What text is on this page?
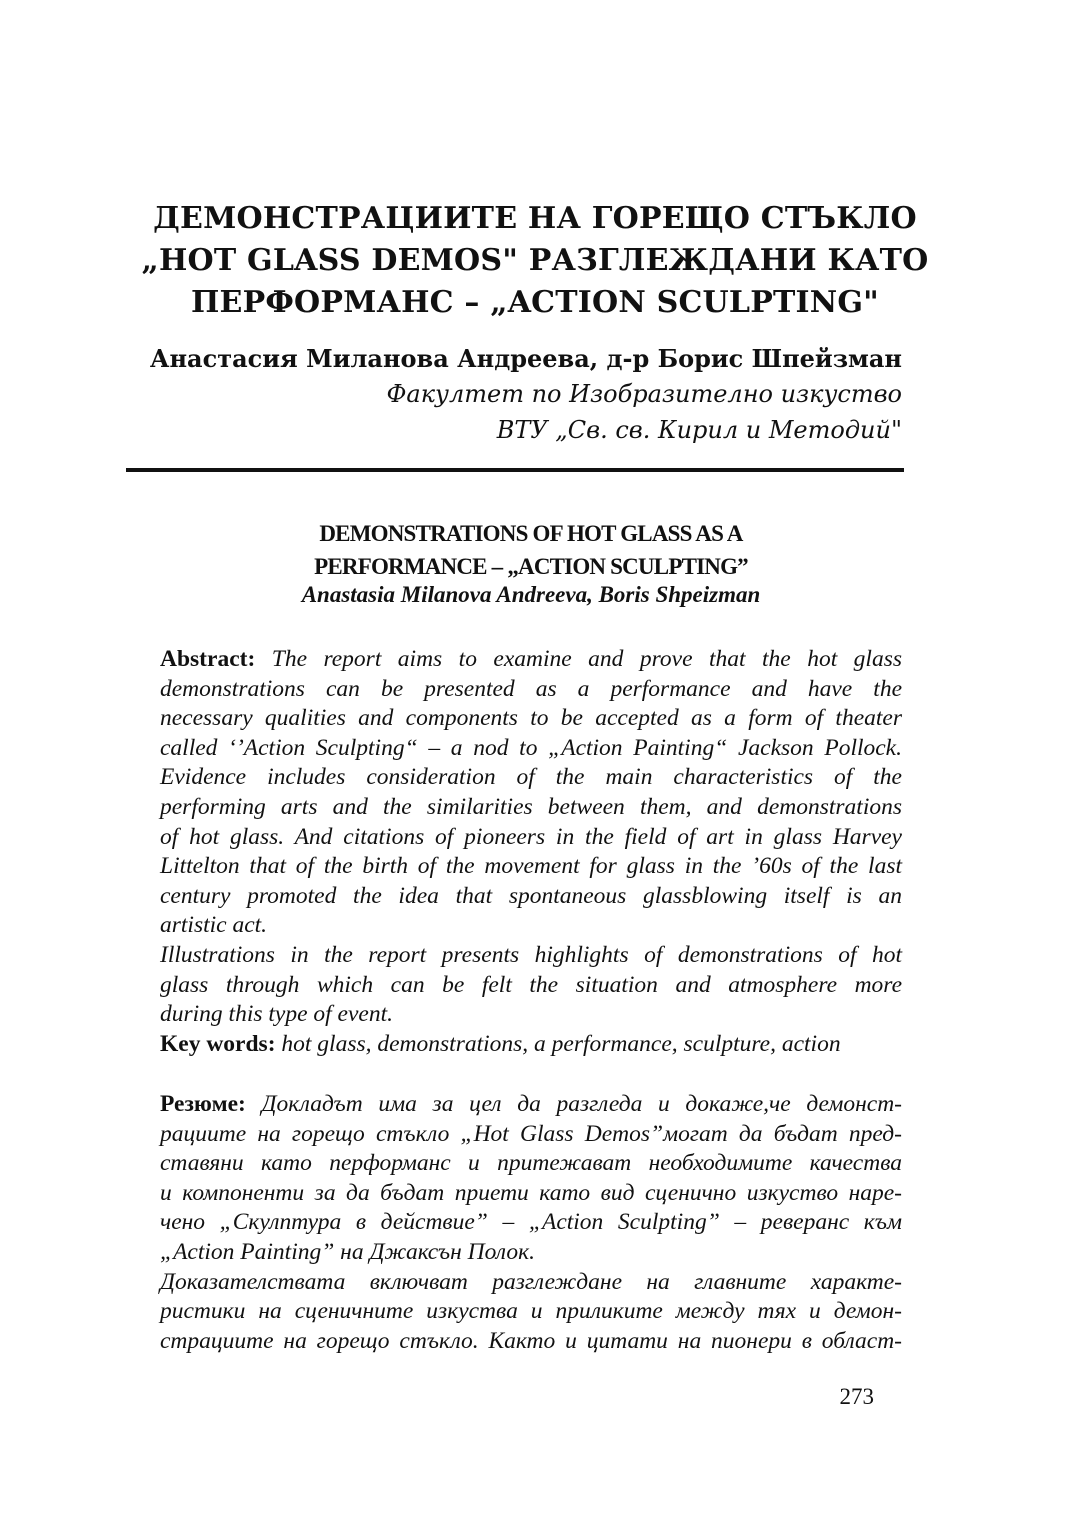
ДЕМОНСТРАЦИИТЕ НА ГОРЕЩО СТЪКЛО
„HOT GLASS DEMOS" РАЗГЛЕЖДАНИ КАТО
ПЕРФОРМАНС – „ACTION SCULPTING"
Анастасия Миланова Андреева, д-р Борис Шпейзман
Факултет по Изобразително изкуство
ВТУ „Св. св. Кирил и Методий"
DEMONSTRATIONS OF HOT GLASS AS A
PERFORMANCE – „ACTION SCULPTING”
Anastasia Milanova Andreeva, Boris Shpeizman
Abstract: The report aims to examine and prove that the hot glass
demonstrations can be presented as a performance and have the
necessary qualities and components to be accepted as a form of theater
called ‘’Action Sculpting“ – a nod to „Action Painting“ Jackson Pollock.
Evidence includes consideration of the main characteristics of the
performing arts and the similarities between them, and demonstrations
of hot glass. And citations of pioneers in the field of art in glass Harvey
Littelton that of the birth of the movement for glass in the ’60s of the last
century promoted the idea that spontaneous glassblowing itself is an
artistic act.
Illustrations in the report presents highlights of demonstrations of hot
glass through which can be felt the situation and atmosphere more
during this type of event.
Key words: hot glass, demonstrations, a performance, sculpture, action
Резюме: Докладът има за цел да разгледа и докаже,че демонст-
рациите на горещо стъкло „Hot Glass Demos”могат да бъдат пред-
ставяни като перформанс и притежават необходимите качества
и компоненти за да бъдат приети като вид сценично изкуство наре-
чено „Скулптура в действие” – „Action Sculpting” – реверанс към
„Action Painting” на Джаксън Полок.
Доказателствата включват разглеждане на главните характе-
ристики на сценичните изкуства и приликите между тях и демон-
страциите на горещо стъкло. Както и цитати на пионери в област-
273
